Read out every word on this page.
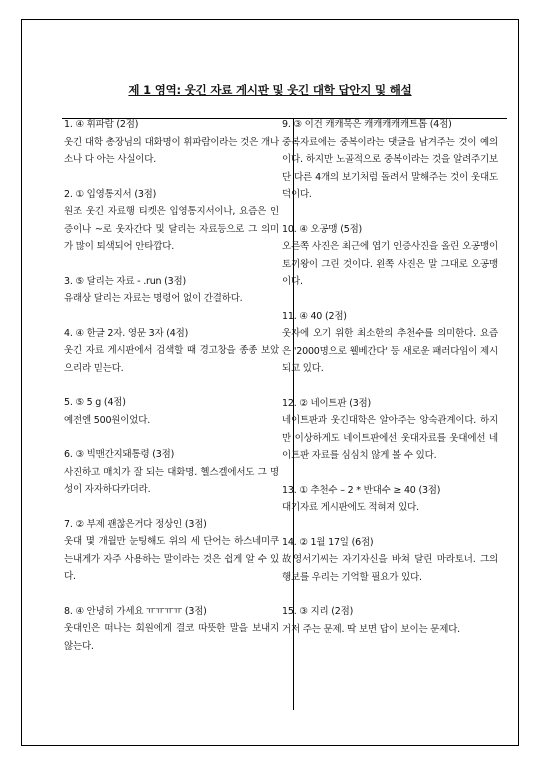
제 1 영역: 웃긴 자료 게시판 및 웃긴 대학 답안지 및 해설
1. ④ 휘파람 (2점)
웃긴 대학 총장님의 대화명이 휘파람이라는 것은 개나 소나 다 아는 사실이다.
2. ① 입영통지서 (3점)
원조 웃긴 자료행 티켓은 입영통지서이나, 요즘은 인증이나 ~로 웃자간다 및 달리는 자료등으로 그 의미가 많이 퇴색되어 안타깝다.
3. ⑤ 달리는 자료 - .run (3점)
유래상 달리는 자료는 명령어 없이 간결하다.
4. ④ 한글 2자. 영문 3자 (4점)
웃긴 자료 게시판에서 검색할 때 경고창을 종종 보았으리라 믿는다.
5. ⑤ 5 g (4점)
예전엔 500원이었다.
6. ③ 빅맨간지돼통령 (3점)
사진하고 매치가 잘 되는 대화명. 헬스겔에서도 그 명성이 자자하다카더라.
7. ② 부제 괜찮은거다 정상인 (3점)
웃대 몇 개월만 눈팅해도 위의 세 단어는 하스네미쿠는내게가 자주 사용하는 말이라는 것은 쉽게 알 수 있다.
8. ④ 안녕히 가세요 ㅠㅠㅠㅠ (3점)
웃대인은 떠나는 회원에게 결코 따뜻한 말을 보내지 않는다.
9. ③ 이건 캐캐묵은 캐캐캐캐캐트톱 (4점)
중복자료에는 중복이라는 댓글을 남겨주는 것이 예의이다. 하지만 노골적으로 중복이라는 것을 알려주기보단 다른 4개의 보기처럼 돌려서 말해주는 것이 웃대도덕이다.
10. ④ 오공맹 (5점)
오른쪽 사진은 최근에 엽기 인증사진을 올린 오공맹이 토끼왕이 그린 것이다. 왼쪽 사진은 말 그대로 오공맹이다.
11. ④ 40 (2점)
웃자에 오기 위한 최소한의 추천수를 의미한다. 요즘은 '2000명으로 웰베간다' 등 새로운 패러다임이 제시되고 있다.
12. ② 네이트판 (3점)
네이트판과 웃긴대학은 알아주는 앙숙관계이다. 하지만 이상하게도 네이트판에선 웃대자료를 웃대에선 네이트판 자료를 심심치 않게 볼 수 있다.
13. ① 추천수 – 2 * 반대수 ≥ 40 (3점)
대기자료 게시판에도 적혀져 있다.
14. ② 1월 17일 (6점)
故영서기씨는 자기자신을 바쳐 달린 마라토너. 그의 행보를 우리는 기억할 필요가 있다.
15. ③ 지리 (2점)
거저 주는 문제. 딱 보면 답이 보이는 문제다.
